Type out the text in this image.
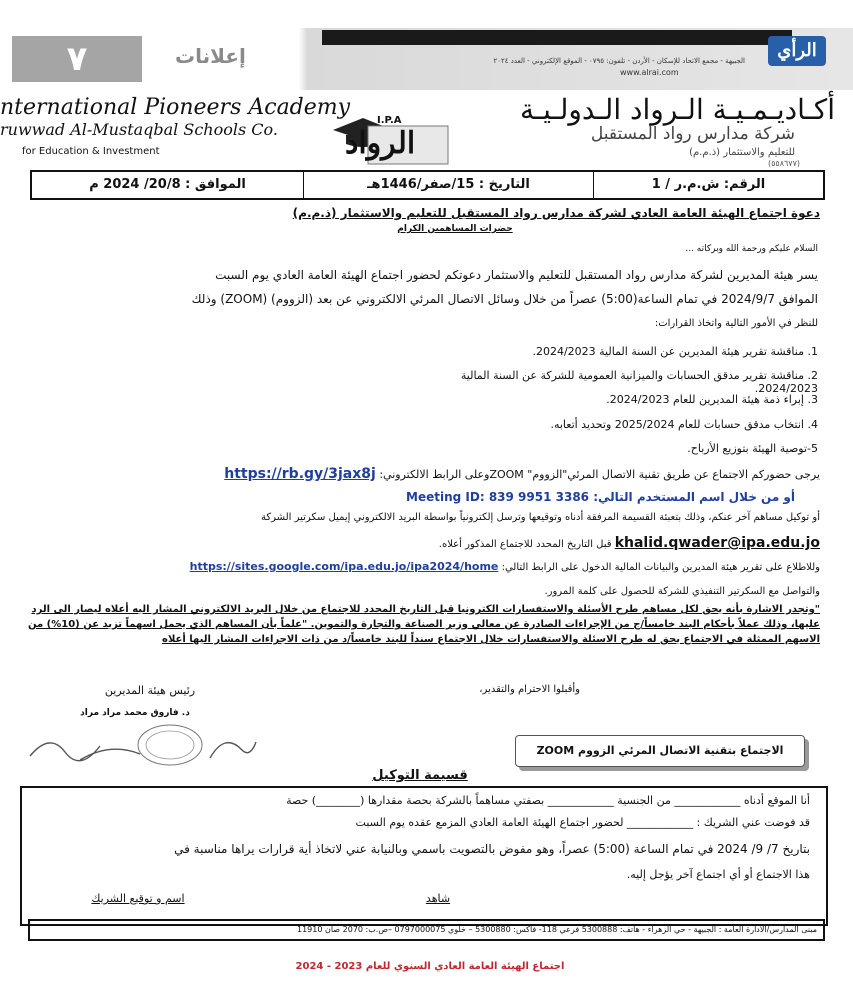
٧	إعلانات	الجبيهة - مجمع الاتحاد للإسكان - الأردن - تلفون: ٠٧٩٥ - الموقع الإلكتروني - العدد ٢٠٢٤
www.alrai.com
الرأي
nternational Pioneers Academy
ruwwad Al-Mustaqbal Schools Co.
for Education & Investment
أكـاديـمـيـة الـرواد الـدولـيـة
شركة مدارس رواد المستقبل
للتعليم والاستثمار (ذ.م.م)
(٥٥٨٦٧٧)
I.P.A
الرواد
الرقم: ش.م.ر / 1
التاريخ : 15/صفر/1446هـ
الموافق : 20/8/ 2024 م
دعوة اجتماع الهيئة العامة العادي لشركة مدارس رواد المستقبل للتعليم والاستثمار (ذ.م.م)
حضرات المساهمين الكرام
السلام عليكم ورحمة الله وبركاته ...
يسر هيئة المديرين لشركة مدارس رواد المستقبل للتعليم والاستثمار دعوتكم لحضور اجتماع الهيئة العامة العادي يوم السبت
الموافق 2024/9/7 في تمام الساعة(5:00) عصراً من خلال وسائل الاتصال المرئي الالكتروني عن بعد (الزووم) (ZOOM) وذلك
للنظر في الأمور التالية واتخاذ القرارات:
1. مناقشة تقرير هيئة المديرين عن السنة المالية 2024/2023.
2. مناقشة تقرير مدقق الحسابات والميزانية العمومية للشركة عن السنة المالية 2024/2023.
3. إبراء ذمة هيئة المديرين للعام 2024/2023.
4. انتخاب مدقق حسابات للعام 2025/2024 وتحديد أتعابه.
5-توصية الهيئة بتوزيع الأرباح.
يرجى حضوركم الاجتماع عن طريق تقنية الاتصال المرئي"الزووم" ZOOMوعلى الرابط الالكتروني: https://rb.gy/3jax8j
أو من خلال اسم المستخدم التالي: Meeting ID: 839 9951 3386
أو توكيل مساهم آخر عنكم، وذلك بتعبئة القسيمة المرفقة أدناه وتوقيعها وترسل إلكترونياً بواسطة البريد الالكتروني إيميل سكرتير الشركة
khalid.qwader@ipa.edu.jo قبل التاريخ المحدد للاجتماع المذكور أعلاه.
وللاطلاع على تقرير هيئة المديرين والبيانات المالية الدخول على الرابط التالي: https://sites.google.com/ipa.edu.jo/ipa2024/home
والتواصل مع السكرتير التنفيذي للشركة للحصول على كلمة المرور.
"وتجدر الاشارة بأنه يحق لكل مساهم طرح الأسئلة والاستفسارات الكترونيا قبل التاريخ المحدد للاجتماع من خلال البريد الالكتروني المشار اليه أعلاه ليصار الى الرد عليها، وذلك عملاً بأحكام البند خامساً/ج من الإجراءات الصادرة عن معالي وزير الصناعة والتجارة والتموين. "علماً بأن المساهم الذي يحمل اسهماً تزيد عن (10%) من الاسهم الممثلة في الاجتماع يحق له طرح الاسئلة والاستفسارات خلال الاجتماع سنداً للبند خامساً/د من ذات الاجراءات المشار اليها أعلاه
وأقبلوا الاحترام والتقدير،
رئيس هيئة المديرين
د. فاروق محمد مراد مراد
الاجتماع بتقنية الاتصال المرئي الزووم ZOOM
قسيمة التوكيل
أنا الموقع أدناه ____________ من الجنسية ____________ بصفتي مساهماً بالشركة بحصة مقدارها (________) حصة
قد فوضت عني الشريك : ____________ لحضور اجتماع الهيئة العامة العادي المزمع عقده يوم السبت
بتاريخ 7/ 9/ 2024 في تمام الساعة (5:00) عصراً، وهو مفوض بالتصويت باسمي وبالنيابة عني لاتخاذ أية قرارات يراها مناسبة في
هذا الاجتماع أو أي اجتماع آخر يؤجل إليه.
شاهد
اسم و توقيع الشريك
مبنى المدارس/الادارة العامة : الجبيهة - حي الزهراء - هاتف: 5300888 فرعي 118- فاكس: 5300880 – خلوي 0797000075 –ص.ب: 2070 صان 11910
اجتماع الهيئة العامة العادي السنوي للعام 2023 - 2024
